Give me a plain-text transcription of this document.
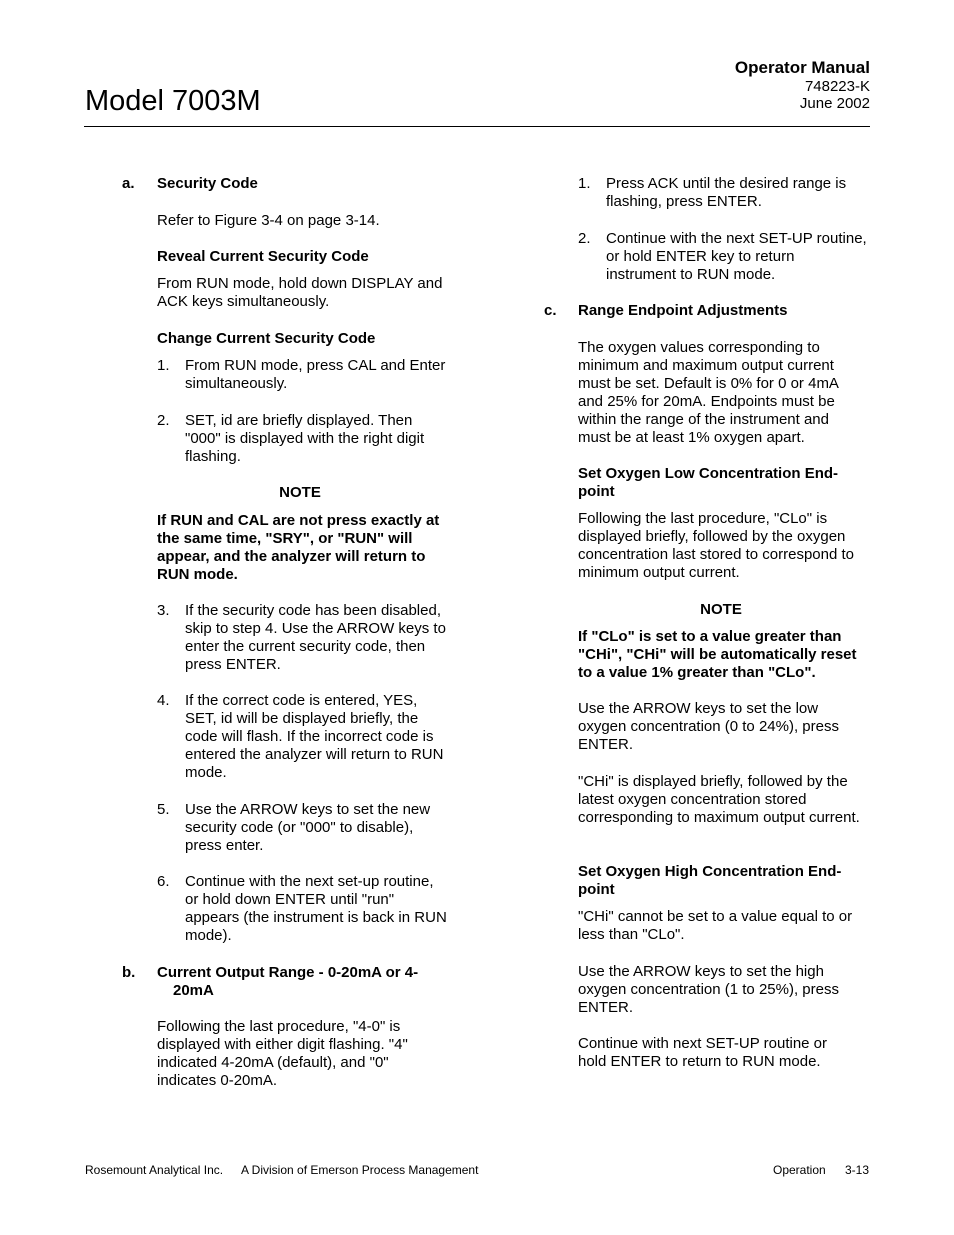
Model 7003M
Operator Manual
748223-K
June 2002
a. Security Code
Refer to Figure 3-4 on page 3-14.
Reveal Current Security Code
From RUN mode, hold down DISPLAY and ACK keys simultaneously.
Change Current Security Code
1. From RUN mode, press CAL and Enter simultaneously.
2. SET, id are briefly displayed. Then "000" is displayed with the right digit flashing.
NOTE
If RUN and CAL are not press exactly at the same time, "SRY", or "RUN" will appear, and the analyzer will return to RUN mode.
3. If the security code has been disabled, skip to step 4. Use the ARROW keys to enter the current security code, then press ENTER.
4. If the correct code is entered, YES, SET, id will be displayed briefly, the code will flash. If the incorrect code is entered the analyzer will return to RUN mode.
5. Use the ARROW keys to set the new security code (or "000" to disable), press enter.
6. Continue with the next set-up routine, or hold down ENTER until "run" appears (the instrument is back in RUN mode).
b. Current Output Range - 0-20mA or 4-
20mA
Following the last procedure, "4-0" is displayed with either digit flashing. "4" indicated 4-20mA (default), and "0" indicates 0-20mA.
1. Press ACK until the desired range is flashing, press ENTER.
2. Continue with the next SET-UP routine, or hold ENTER key to return instrument to RUN mode.
c. Range Endpoint Adjustments
The oxygen values corresponding to minimum and maximum output current must be set. Default is 0% for 0 or 4mA and 25% for 20mA. Endpoints must be within the range of the instrument and must be at least 1% oxygen apart.
Set Oxygen Low Concentration End-point
Following the last procedure, "CLo" is displayed briefly, followed by the oxygen concentration last stored to correspond to minimum output current.
NOTE
If "CLo" is set to a value greater than "CHi", "CHi" will be automatically reset to a value 1% greater than "CLo".
Use the ARROW keys to set the low oxygen concentration (0 to 24%), press ENTER.
"CHi" is displayed briefly, followed by the latest oxygen concentration stored corresponding to maximum output current.
Set Oxygen High Concentration End-point
"CHi" cannot be set to a value equal to or less than "CLo".
Use the ARROW keys to set the high oxygen concentration (1 to 25%), press ENTER.
Continue with next SET-UP routine or hold ENTER to return to RUN mode.
Rosemount Analytical Inc. A Division of Emerson Process Management	Operation 3-13
